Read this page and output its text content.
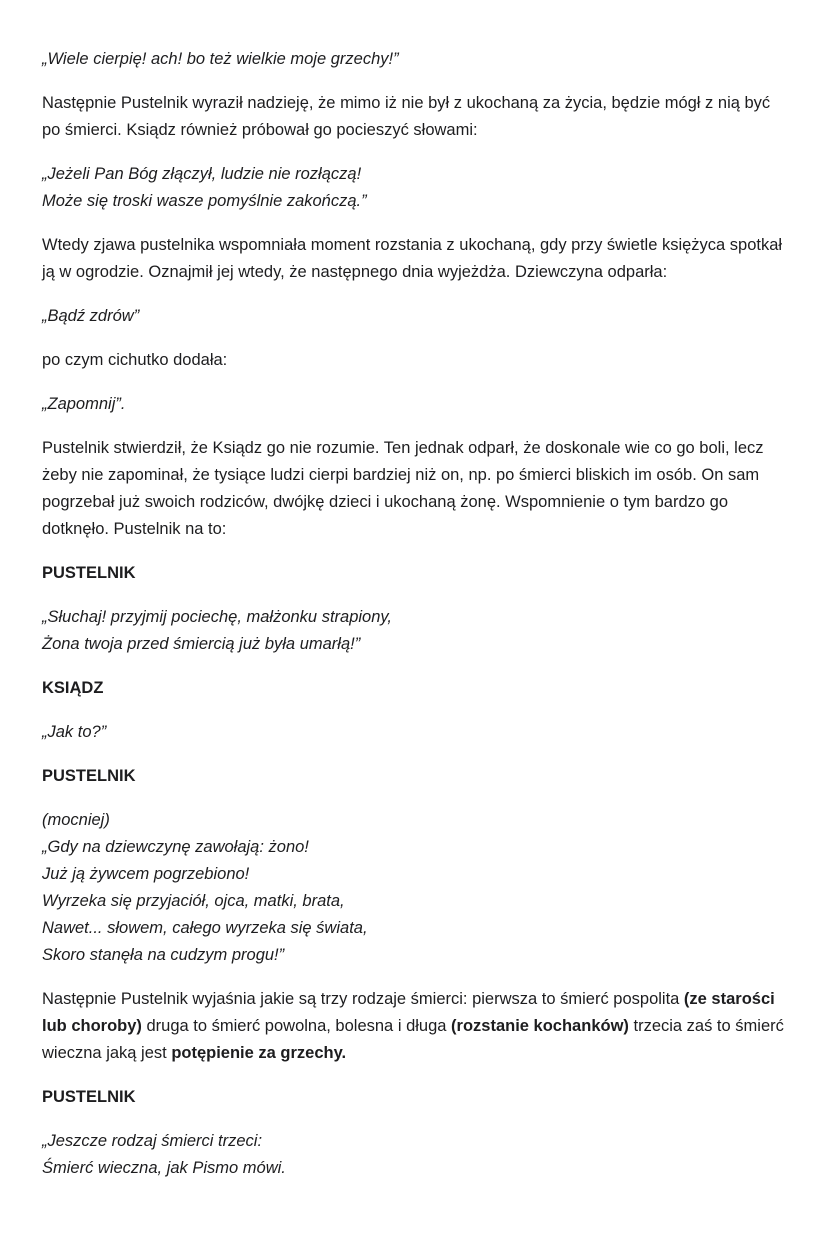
„Wiele cierpię! ach! bo też wielkie moje grzechy!”

Następnie Pustelnik wyraził nadzieję, że mimo iż nie był z ukochaną za życia, będzie mógł z nią być po śmierci. Ksiądz również próbował go pocieszyć słowami:

„Jeżeli Pan Bóg złączył, ludzie nie rozłączą!
Może się troski wasze pomyślnie zakończą.”

Wtedy zjawa pustelnika wspomniała moment rozstania z ukochaną, gdy przy świetle księżyca spotkał ją w ogrodzie. Oznajmił jej wtedy, że następnego dnia wyjeżdża. Dziewczyna odparła:

„Bądź zdrów”

po czym cichutko dodała:

„Zapomnij”.

Pustelnik stwierdził, że Ksiądz go nie rozumie. Ten jednak odparł, że doskonale wie co go boli, lecz żeby nie zapominał, że tysiące ludzi cierpi bardziej niż on, np. po śmierci bliskich im osób. On sam pogrzebał już swoich rodziców, dwójkę dzieci i ukochaną żonę. Wspomnienie o tym bardzo go dotknęło. Pustelnik na to:

PUSTELNIK

„Słuchaj! przyjmij pociechę, małżonku strapiony,
Żona twoja przed śmiercią już była umarłą!”

KSIĄDZ

„Jak to?”

PUSTELNIK

(mocniej)
„Gdy na dziewczynę zawołają: żono!
Już ją żywcem pogrzebiono!
Wyrzeka się przyjaciół, ojca, matki, brata,
Nawet... słowem, całego wyrzeka się świata,
Skoro stanęła na cudzym progu!”

Następnie Pustelnik wyjaśnia jakie są trzy rodzaje śmierci: pierwsza to śmierć pospolita (ze starości lub choroby) druga to śmierć powolna, bolesna i długa (rozstanie kochanków) trzecia zaś to śmierć wieczna jaką jest potępienie za grzechy.

PUSTELNIK

„Jeszcze rodzaj śmierci trzeci:
Śmierć wieczna, jak Pismo mówi.
